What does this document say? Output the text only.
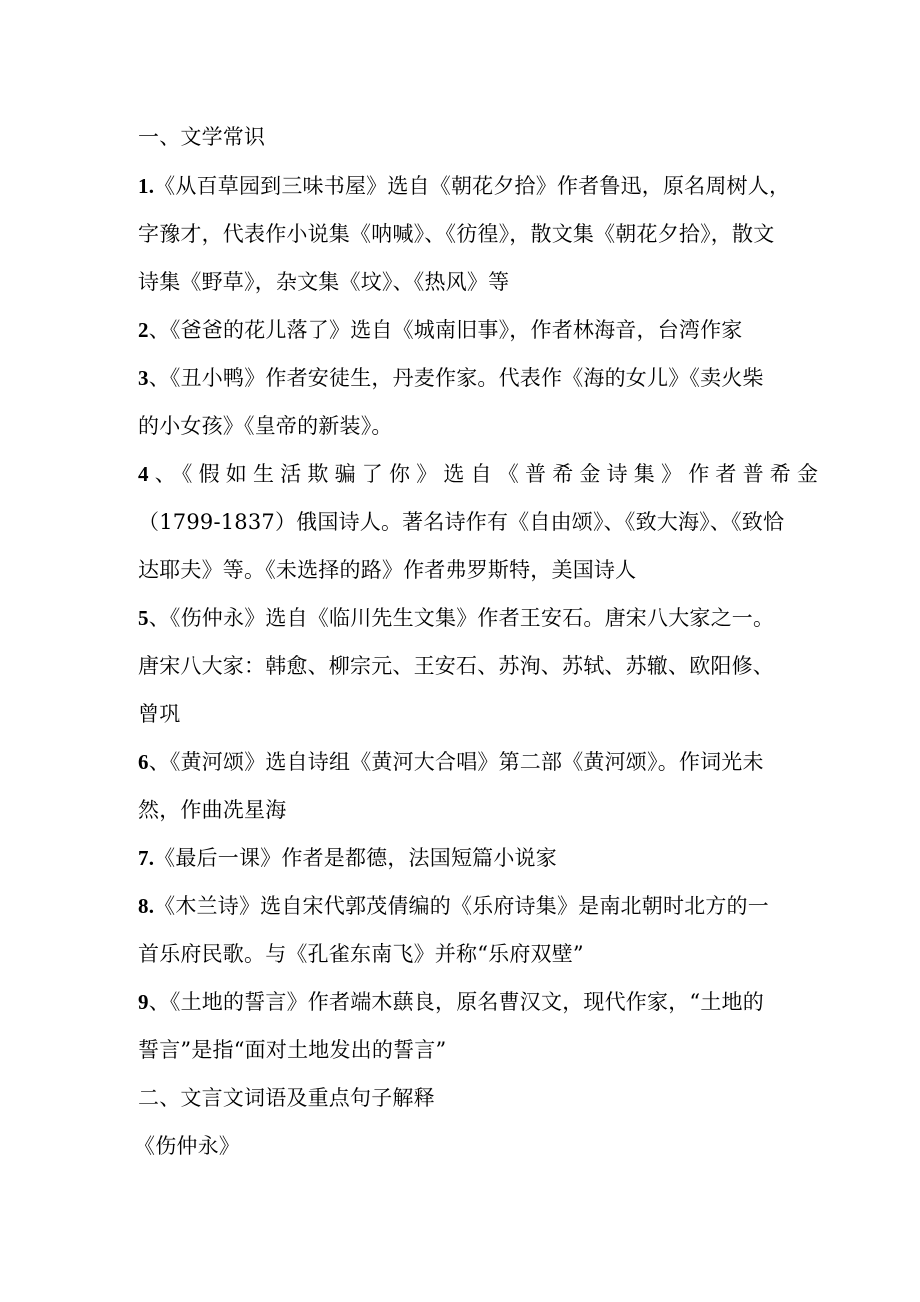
一、文学常识
1.《从百草园到三味书屋》选自《朝花夕拾》作者鲁迅，原名周树人，
字豫才，代表作小说集《呐喊》、《彷徨》，散文集《朝花夕拾》，散文
诗集《野草》，杂文集《坟》、《热风》等
2、《爸爸的花儿落了》选自《城南旧事》，作者林海音，台湾作家
3、《丑小鸭》作者安徒生，丹麦作家。代表作《海的女儿》《卖火柴
的小女孩》《皇帝的新装》。
4、《假如生活欺骗了你》选自《普希金诗集》作者普希金
（1799-1837）俄国诗人。著名诗作有《自由颂》、《致大海》、《致恰
达耶夫》等。《未选择的路》作者弗罗斯特，美国诗人
5、《伤仲永》选自《临川先生文集》作者王安石。唐宋八大家之一。
唐宋八大家：韩愈、柳宗元、王安石、苏洵、苏轼、苏辙、欧阳修、
曾巩
6、《黄河颂》选自诗组《黄河大合唱》第二部《黄河颂》。作词光未
然，作曲冼星海
7.《最后一课》作者是都德，法国短篇小说家
8.《木兰诗》选自宋代郭茂倩编的《乐府诗集》是南北朝时北方的一
首乐府民歌。与《孔雀东南飞》并称“乐府双壁”
9、《土地的誓言》作者端木蕻良，原名曹汉文，现代作家，“土地的
誓言”是指“面对土地发出的誓言”
二、文言文词语及重点句子解释
《伤仲永》
